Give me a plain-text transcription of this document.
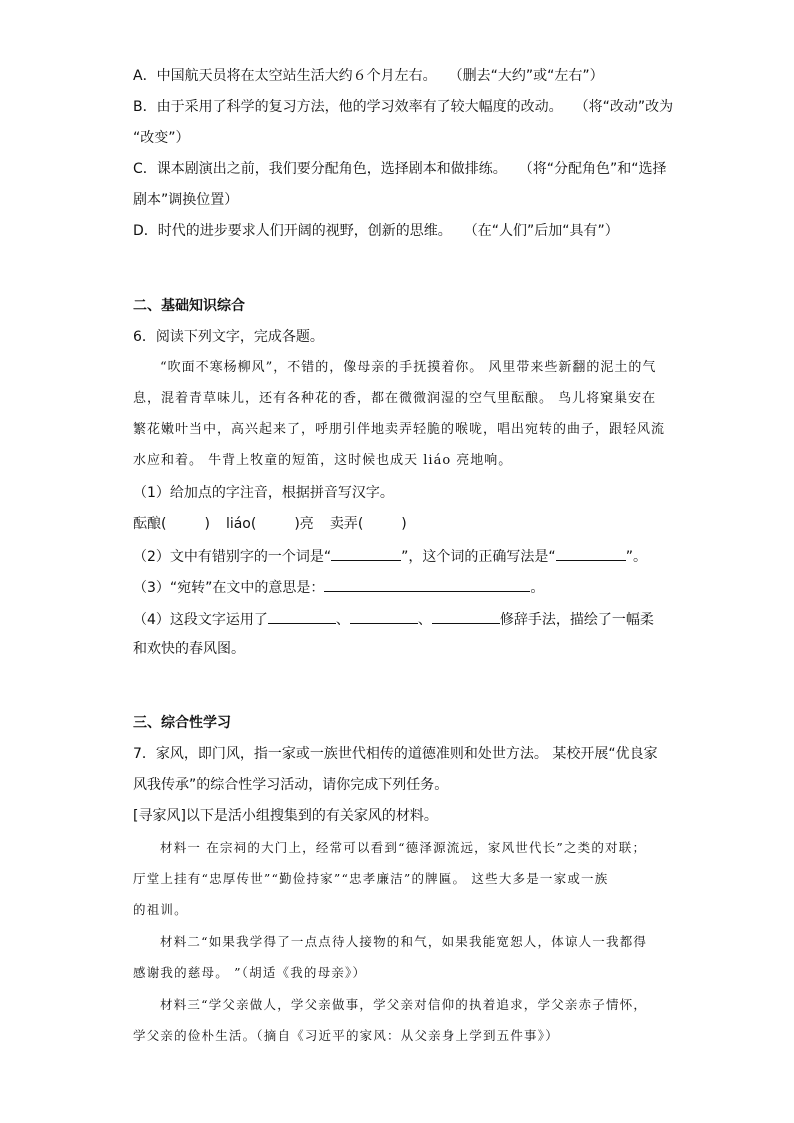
A．中国航天员将在太空站生活大约６个月左右。 （删去“大约”或“左右”）
B．由于采用了科学的复习方法，他的学习效率有了较大幅度的改动。 （将“改动”改为
“改变”）
C．课本剧演出之前，我们要分配角色，选择剧本和做排练。 （将“分配角色”和“选择
剧本”调换位置）
D．时代的进步要求人们开阔的视野，创新的思维。 （在“人们”后加“具有”）
二、基础知识综合
6．阅读下列文字，完成各题。
“吹面不寒杨柳风”，不错的，像母亲的手抚摸着你。 风里带来些新翻的泥土的气
息，混着青草味儿，还有各种花的香，都在微微润湿的空气里酝酿。 鸟儿将窠巢安在
繁花嫩叶当中，高兴起来了，呼朋引伴地卖弄轻脆的喉咙，唱出宛转的曲子，跟轻风流
水应和着。 牛背上牧童的短笛，这时候也成天 liáo 亮地响。
（1）给加点的字注音，根据拼音写汉字。
酝酿(	) liáo(	)亮 卖弄(	)
（2）文中有错别字的一个词是“	”，这个词的正确写法是“	”。
（3）“宛转”在文中的意思是：	。
（4）这段文字运用了	、	、	修辞手法，描绘了一幅柔
和欢快的春风图。
三、综合性学习
7．家风，即门风，指一家或一族世代相传的道德准则和处世方法。 某校开展“优良家
风我传承”的综合性学习活动，请你完成下列任务。
[寻家风]以下是活小组搜集到的有关家风的材料。
材料一 在宗祠的大门上，经常可以看到“德泽源流远，家风世代长”之类的对联；
厅堂上挂有“忠厚传世”“勤俭持家”“忠孝廉洁”的牌匾。 这些大多是一家或一族
的祖训。
材料二“如果我学得了一点点待人接物的和气，如果我能宽恕人，体谅人一我都得
感谢我的慈母。 ”（胡适《我的母亲》）
材料三“学父亲做人，学父亲做事，学父亲对信仰的执着追求，学父亲赤子情怀，
学父亲的俭朴生活。（摘自《习近平的家风：从父亲身上学到五件事》）
